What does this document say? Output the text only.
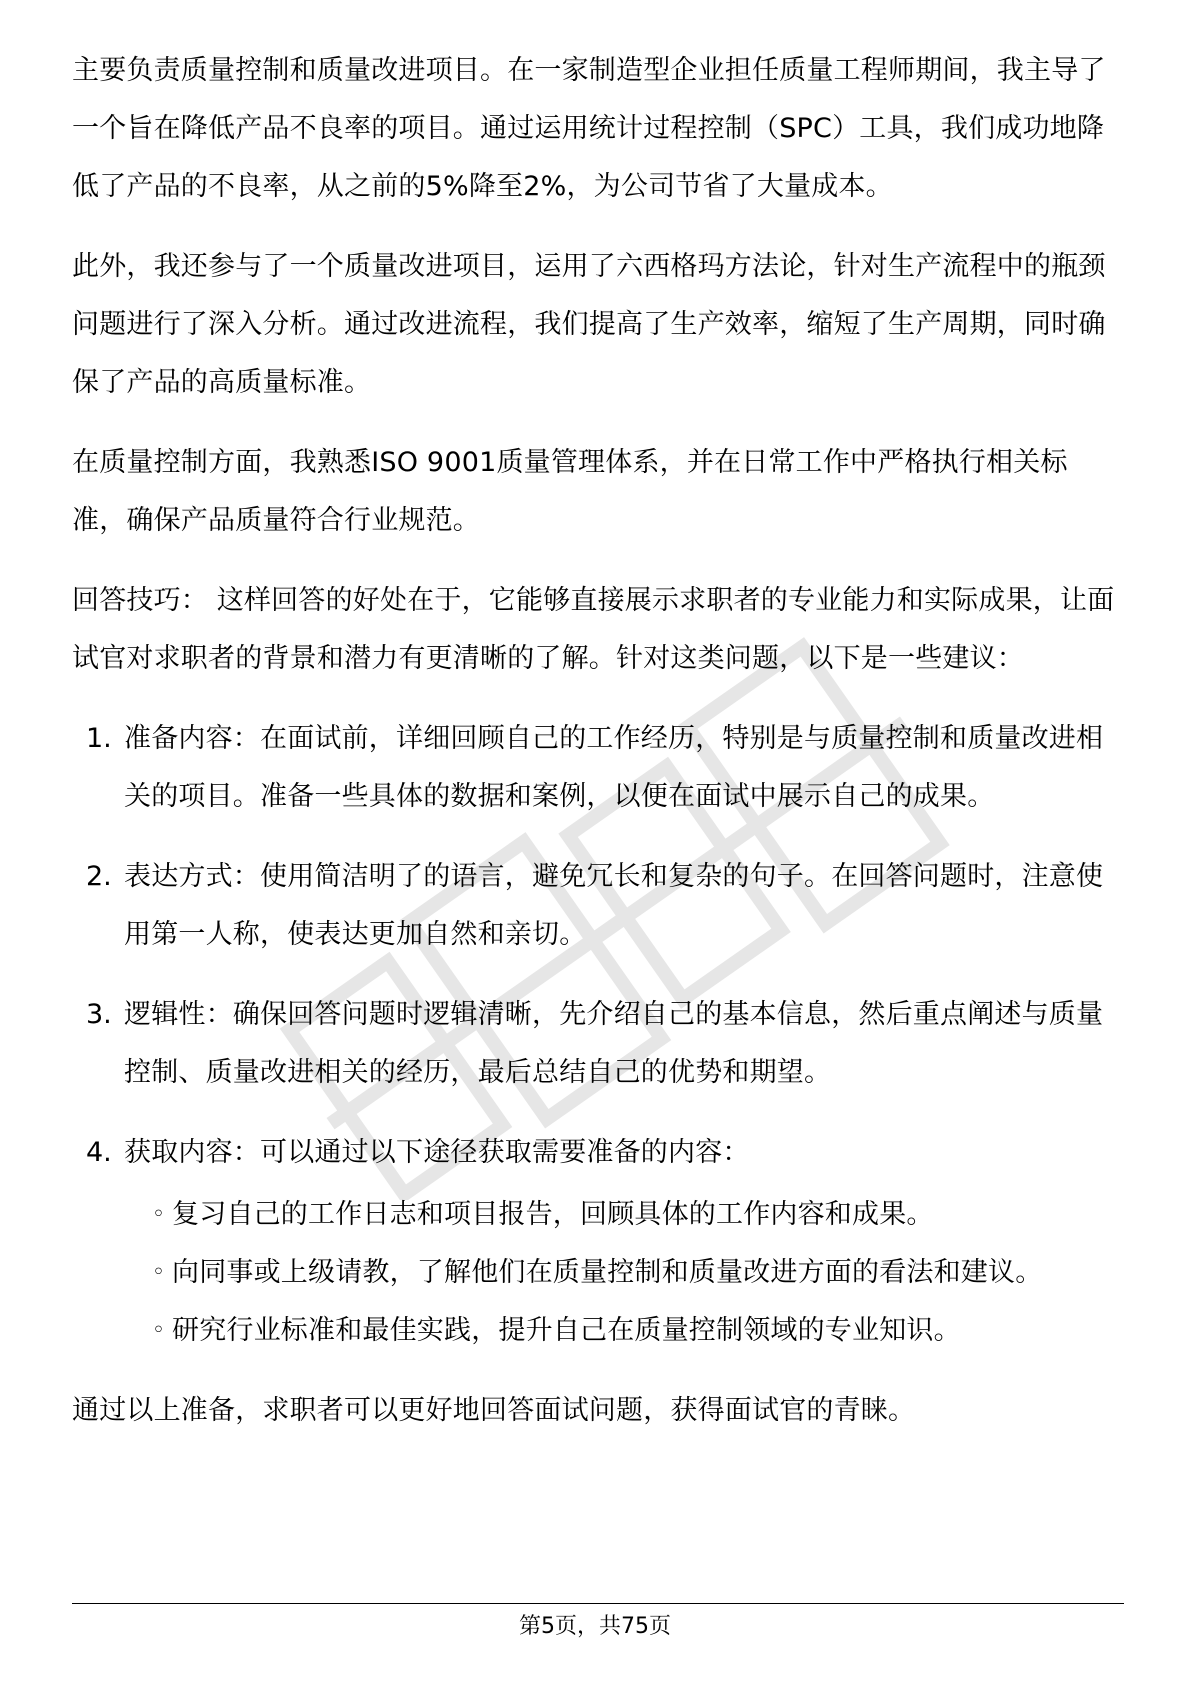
主要负责质量控制和质量改进项目。在一家制造型企业担任质量工程师期间，我主导了一个旨在降低产品不良率的项目。通过运用统计过程控制（SPC）工具，我们成功地降低了产品的不良率，从之前的5%降至2%，为公司节省了大量成本。

此外，我还参与了一个质量改进项目，运用了六西格玛方法论，针对生产流程中的瓶颈问题进行了深入分析。通过改进流程，我们提高了生产效率，缩短了生产周期，同时确保了产品的高质量标准。

在质量控制方面，我熟悉ISO 9001质量管理体系，并在日常工作中严格执行相关标准，确保产品质量符合行业规范。

回答技巧： 这样回答的好处在于，它能够直接展示求职者的专业能力和实际成果，让面试官对求职者的背景和潜力有更清晰的了解。针对这类问题，以下是一些建议：

1. 准备内容：在面试前，详细回顾自己的工作经历，特别是与质量控制和质量改进相关的项目。准备一些具体的数据和案例，以便在面试中展示自己的成果。

2. 表达方式：使用简洁明了的语言，避免冗长和复杂的句子。在回答问题时，注意使用第一人称，使表达更加自然和亲切。

3. 逻辑性：确保回答问题时逻辑清晰，先介绍自己的基本信息，然后重点阐述与质量控制、质量改进相关的经历，最后总结自己的优势和期望。

4. 获取内容：可以通过以下途径获取需要准备的内容：

◦ 复习自己的工作日志和项目报告，回顾具体的工作内容和成果。

◦ 向同事或上级请教，了解他们在质量控制和质量改进方面的看法和建议。

◦ 研究行业标准和最佳实践，提升自己在质量控制领域的专业知识。

通过以上准备，求职者可以更好地回答面试问题，获得面试官的青睐。

第5页，共75页
